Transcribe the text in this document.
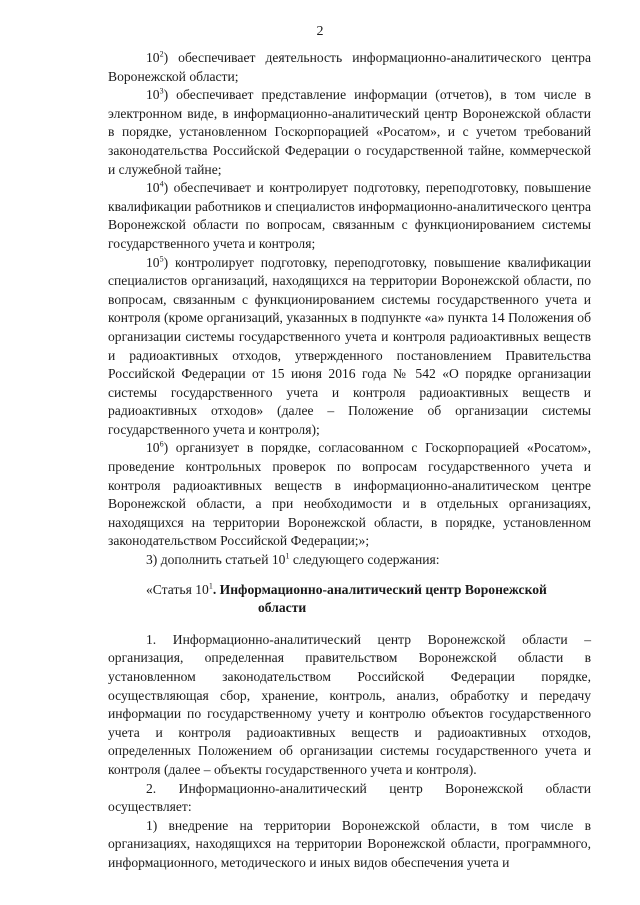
2

$10^2$) обеспечивает деятельность информационно-аналитического центра Воронежской области;

$10^3$) обеспечивает представление информации (отчетов), в том числе в электронном виде, в информационно-аналитический центр Воронежской области в порядке, установленном Госкорпорацией «Росатом», и с учетом требований законодательства Российской Федерации о государственной тайне, коммерческой и служебной тайне;

$10^4$) обеспечивает и контролирует подготовку, переподготовку, повышение квалификации работников и специалистов информационно-аналитического центра Воронежской области по вопросам, связанным с функционированием системы государственного учета и контроля;

$10^5$) контролирует подготовку, переподготовку, повышение квалификации специалистов организаций, находящихся на территории Воронежской области, по вопросам, связанным с функционированием системы государственного учета и контроля (кроме организаций, указанных в подпункте «а» пункта 14 Положения об организации системы государственного учета и контроля радиоактивных веществ и радиоактивных отходов, утвержденного постановлением Правительства Российской Федерации от 15 июня 2016 года № 542 «О порядке организации системы государственного учета и контроля радиоактивных веществ и радиоактивных отходов» (далее – Положение об организации системы государственного учета и контроля);

$10^6$) организует в порядке, согласованном с Госкорпорацией «Росатом», проведение контрольных проверок по вопросам государственного учета и контроля радиоактивных веществ в информационно-аналитическом центре Воронежской области, а при необходимости и в отдельных организациях, находящихся на территории Воронежской области, в порядке, установленном законодательством Российской Федерации;»;

3) дополнить статьей $10^1$ следующего содержания:

«Статья $10^1$. Информационно-аналитический центр Воронежской
области

1. Информационно-аналитический центр Воронежской области – организация, определенная правительством Воронежской области в установленном законодательством Российской Федерации порядке, осуществляющая сбор, хранение, контроль, анализ, обработку и передачу информации по государственному учету и контролю объектов государственного учета и контроля радиоактивных веществ и радиоактивных отходов, определенных Положением об организации системы государственного учета и контроля (далее – объекты государственного учета и контроля).

2. Информационно-аналитический центр Воронежской области осуществляет:

1) внедрение на территории Воронежской области, в том числе в организациях, находящихся на территории Воронежской области, программного, информационного, методического и иных видов обеспечения учета и
